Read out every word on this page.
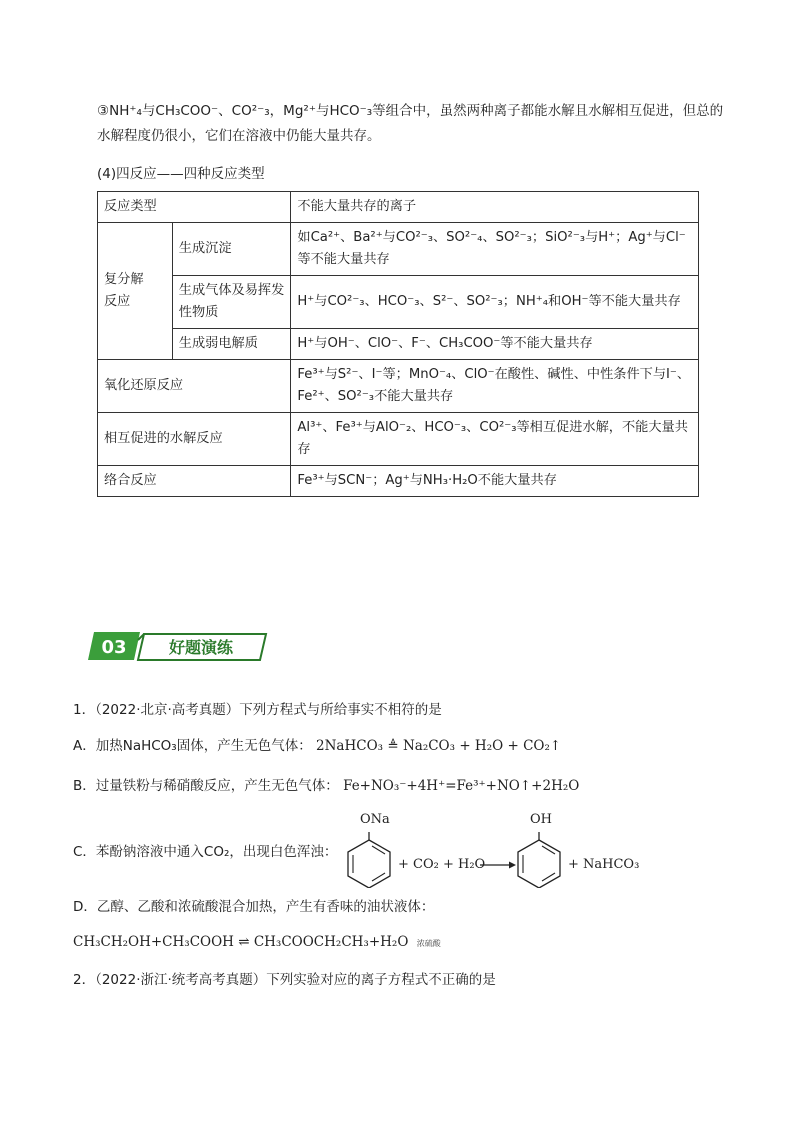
③NH⁺₄与CH₃COO⁻、CO²⁻₃，Mg²⁺与HCO⁻₃等组合中，虽然两种离子都能水解且水解相互促进，但总的
水解程度仍很小，它们在溶液中仍能大量共存。
(4)四反应——四种反应类型
反应类型		不能大量共存的离子
复分解
反应	生成沉淀	如Ca²⁺、Ba²⁺与CO²⁻₃、SO²⁻₄、SO²⁻₃；SiO²⁻₃与H⁺；Ag⁺与Cl⁻等不能大量共存
	生成气体及易挥发性物质	H⁺与CO²⁻₃、HCO⁻₃、S²⁻、SO²⁻₃；NH⁺₄和OH⁻等不能大量共存
	生成弱电解质	H⁺与OH⁻、ClO⁻、F⁻、CH₃COO⁻等不能大量共存
氧化还原反应		Fe³⁺与S²⁻、I⁻等；MnO⁻₄、ClO⁻在酸性、碱性、中性条件下与I⁻、Fe²⁺、SO²⁻₃不能大量共存
相互促进的水解反应		Al³⁺、Fe³⁺与AlO⁻₂、HCO⁻₃、CO²⁻₃等相互促进水解，不能大量共存
络合反应		Fe³⁺与SCN⁻；Ag⁺与NH₃·H₂O不能大量共存
03	好题演练
1．（2022·北京·高考真题）下列方程式与所给事实不相符的是
A．加热NaHCO₃固体，产生无色气体： 2NaHCO₃ ≜ Na₂CO₃ + H₂O + CO₂↑
B．过量铁粉与稀硝酸反应，产生无色气体： Fe+NO₃⁻+4H⁺=Fe³⁺+NO↑+2H₂O
C．苯酚钠溶液中通入CO₂，出现白色浑浊：
ONa
+ CO₂ + H₂O
OH
+ NaHCO₃
D．乙醇、乙酸和浓硫酸混合加热，产生有香味的油状液体：
CH₃CH₂OH+CH₃COOH ⇌ CH₃COOCH₂CH₃+H₂O 浓硫酸
2．（2022·浙江·统考高考真题）下列实验对应的离子方程式不正确的是
